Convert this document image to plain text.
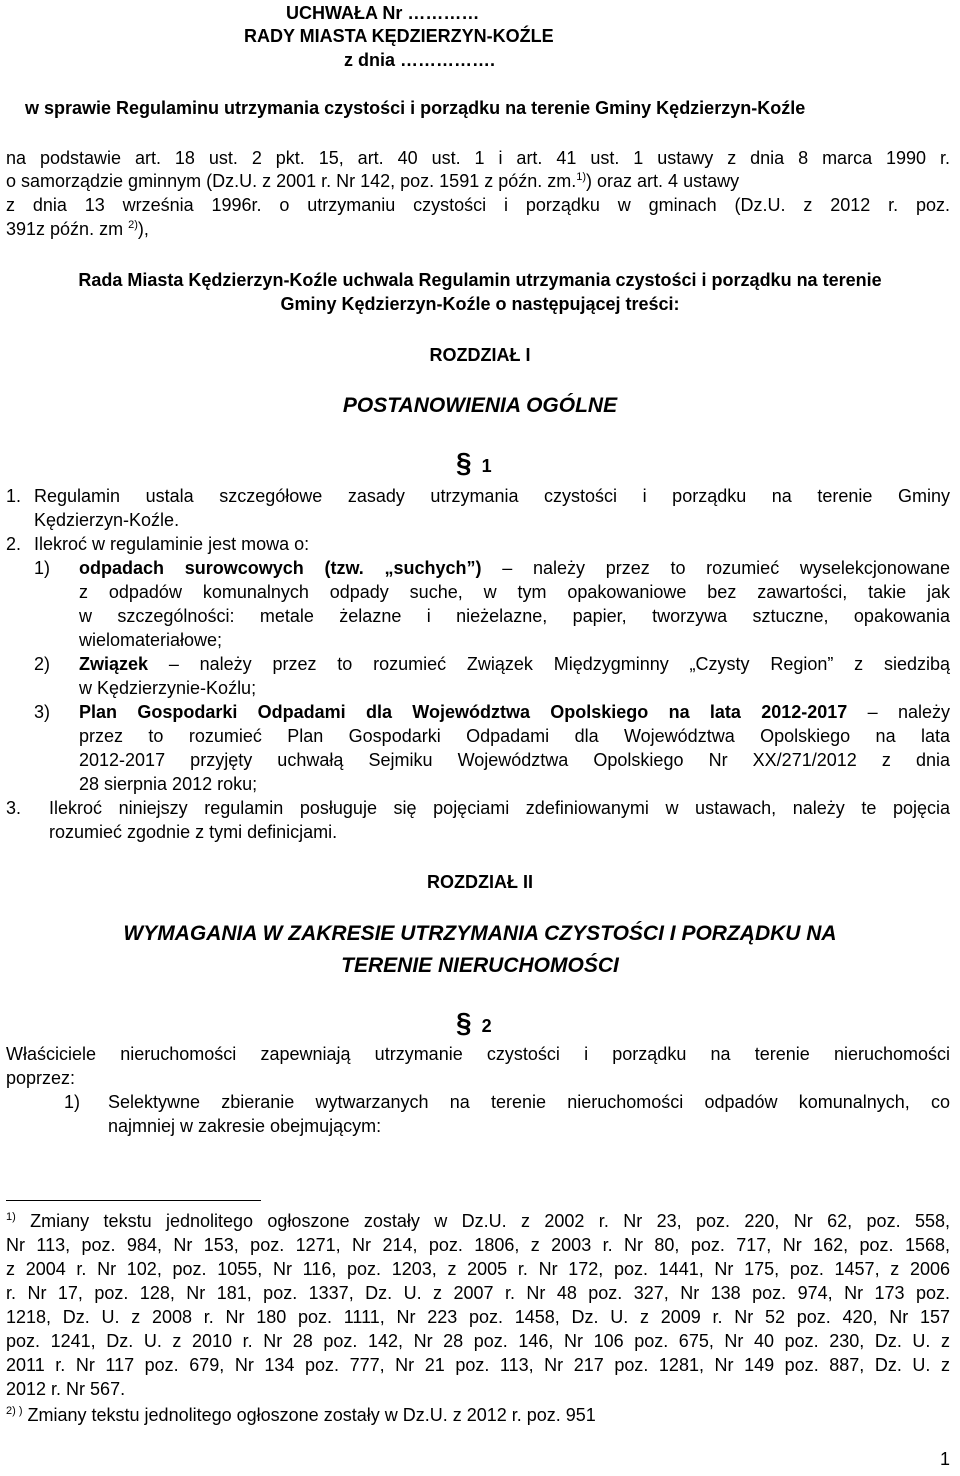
UCHWAŁA Nr …………
RADY MIASTA KĘDZIERZYN-KOŹLE
z dnia …………….
w sprawie Regulaminu utrzymania czystości i porządku na terenie Gminy Kędzierzyn-Koźle
na podstawie art. 18 ust. 2 pkt. 15, art. 40 ust. 1 i art. 41 ust. 1 ustawy z dnia 8 marca 1990 r.
o samorządzie gminnym (Dz.U. z 2001 r. Nr 142, poz. 1591 z późn. zm.$^{1)}$) oraz art. 4 ustawy
z dnia 13 września 1996r. o utrzymaniu czystości i porządku w gminach (Dz.U. z 2012 r. poz.
391z późn. zm $^{2)}$),
Rada Miasta Kędzierzyn-Koźle uchwala Regulamin utrzymania czystości i porządku na terenie
Gminy Kędzierzyn-Koźle o następującej treści:
ROZDZIAŁ I
POSTANOWIENIA OGÓLNE
§ 1
1. Regulamin ustala szczegółowe zasady utrzymania czystości i porządku na terenie Gminy
Kędzierzyn-Koźle.
2. Ilekroć w regulaminie jest mowa o:
1) odpadach surowcowych (tzw. „suchych”) – należy przez to rozumieć wyselekcjonowane
z odpadów komunalnych odpady suche, w tym opakowaniowe bez zawartości, takie jak
w szczególności: metale żelazne i nieżelazne, papier, tworzywa sztuczne, opakowania
wielomateriałowe;
2) Związek – należy przez to rozumieć Związek Międzygminny „Czysty Region” z siedzibą
w Kędzierzynie-Koźlu;
3) Plan Gospodarki Odpadami dla Województwa Opolskiego na lata 2012-2017 – należy
przez to rozumieć Plan Gospodarki Odpadami dla Województwa Opolskiego na lata
2012-2017 przyjęty uchwałą Sejmiku Województwa Opolskiego Nr XX/271/2012 z dnia
28 sierpnia 2012 roku;
3. Ilekroć niniejszy regulamin posługuje się pojęciami zdefiniowanymi w ustawach, należy te pojęcia
rozumieć zgodnie z tymi definicjami.
ROZDZIAŁ II
WYMAGANIA W ZAKRESIE UTRZYMANIA CZYSTOŚCI I PORZĄDKU NA
TERENIE NIERUCHOMOŚCI
§ 2
Właściciele nieruchomości zapewniają utrzymanie czystości i porządku na terenie nieruchomości
poprzez:
1) Selektywne zbieranie wytwarzanych na terenie nieruchomości odpadów komunalnych, co
najmniej w zakresie obejmującym:
$^{1)}$ Zmiany tekstu jednolitego ogłoszone zostały w Dz.U. z 2002 r. Nr 23, poz. 220, Nr 62, poz. 558,
Nr 113, poz. 984, Nr 153, poz. 1271, Nr 214, poz. 1806, z 2003 r. Nr 80, poz. 717, Nr 162, poz. 1568,
z 2004 r. Nr 102, poz. 1055, Nr 116, poz. 1203, z 2005 r. Nr 172, poz. 1441, Nr 175, poz. 1457, z 2006
r. Nr 17, poz. 128, Nr 181, poz. 1337, Dz. U. z 2007 r. Nr 48 poz. 327, Nr 138 poz. 974, Nr 173 poz.
1218, Dz. U. z 2008 r. Nr 180 poz. 1111, Nr 223 poz. 1458, Dz. U. z 2009 r. Nr 52 poz. 420, Nr 157
poz. 1241, Dz. U. z 2010 r. Nr 28 poz. 142, Nr 28 poz. 146, Nr 106 poz. 675, Nr 40 poz. 230, Dz. U. z
2011 r. Nr 117 poz. 679, Nr 134 poz. 777, Nr 21 poz. 113, Nr 217 poz. 1281, Nr 149 poz. 887, Dz. U. z
2012 r. Nr 567.
$^{2) )}$ Zmiany tekstu jednolitego ogłoszone zostały w Dz.U. z 2012 r. poz. 951
1
